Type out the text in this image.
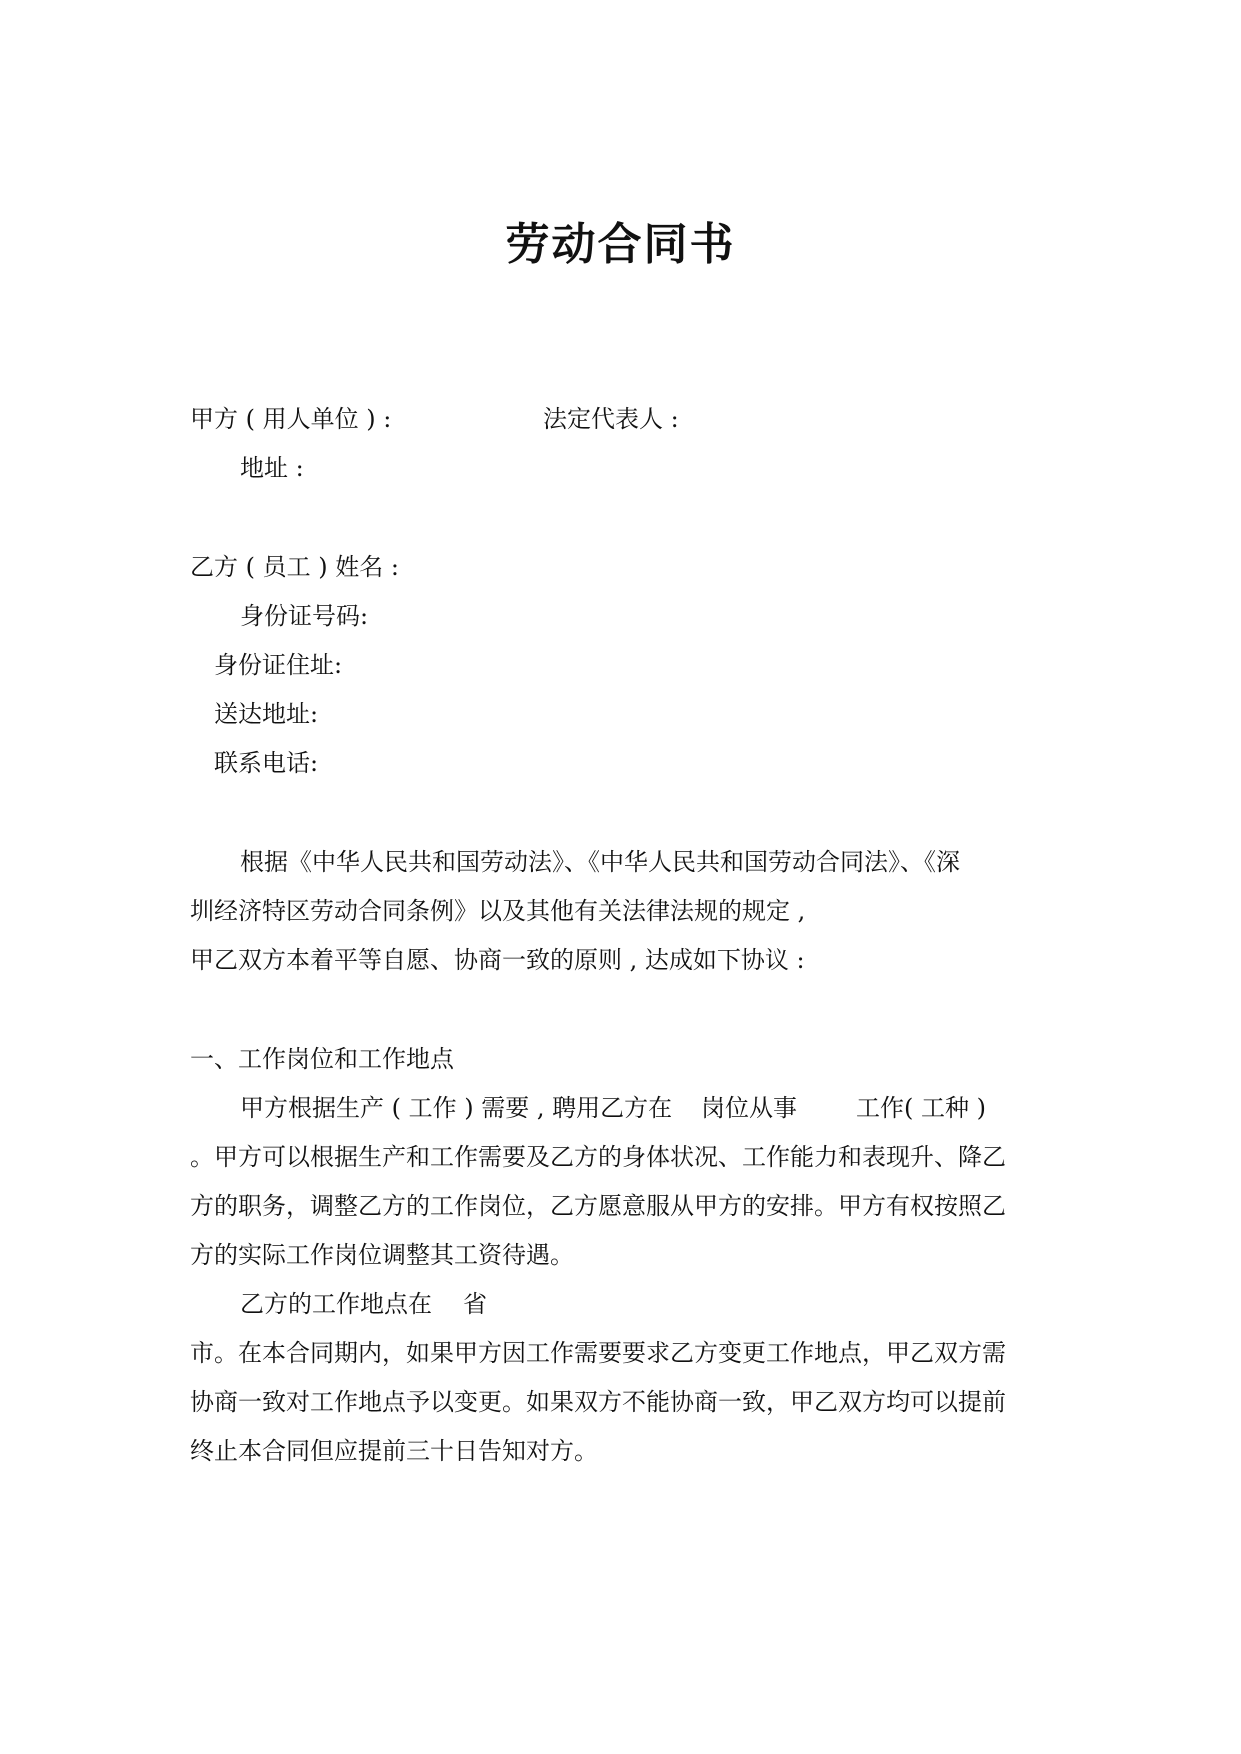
劳动合同书
甲方 ( 用人单位 ) :	法定代表人 :
地址 :
乙方 ( 员工 ) 姓名 :
身份证号码:
身份证住址:
送达地址:
联系电话:
根据《中华人民共和国劳动法》、《中华人民共和国劳动合同法》、《深
圳经济特区劳动合同条例》以及其他有关法律法规的规定 ,
甲乙双方本着平等自愿、协商一致的原则 , 达成如下协议 :
一、工作岗位和工作地点
甲方根据生产 ( 工作 ) 需要 , 聘用乙方在 岗位从事 工作( 工种 )
。甲方可以根据生产和工作需要及乙方的身体状况、工作能力和表现升、降乙
方的职务，调整乙方的工作岗位，乙方愿意服从甲方的安排。甲方有权按照乙
方的实际工作岗位调整其工资待遇。
乙方的工作地点在 省
市。在本合同期内，如果甲方因工作需要要求乙方变更工作地点，甲乙双方需
协商一致对工作地点予以变更。如果双方不能协商一致，甲乙双方均可以提前
终止本合同但应提前三十日告知对方。
